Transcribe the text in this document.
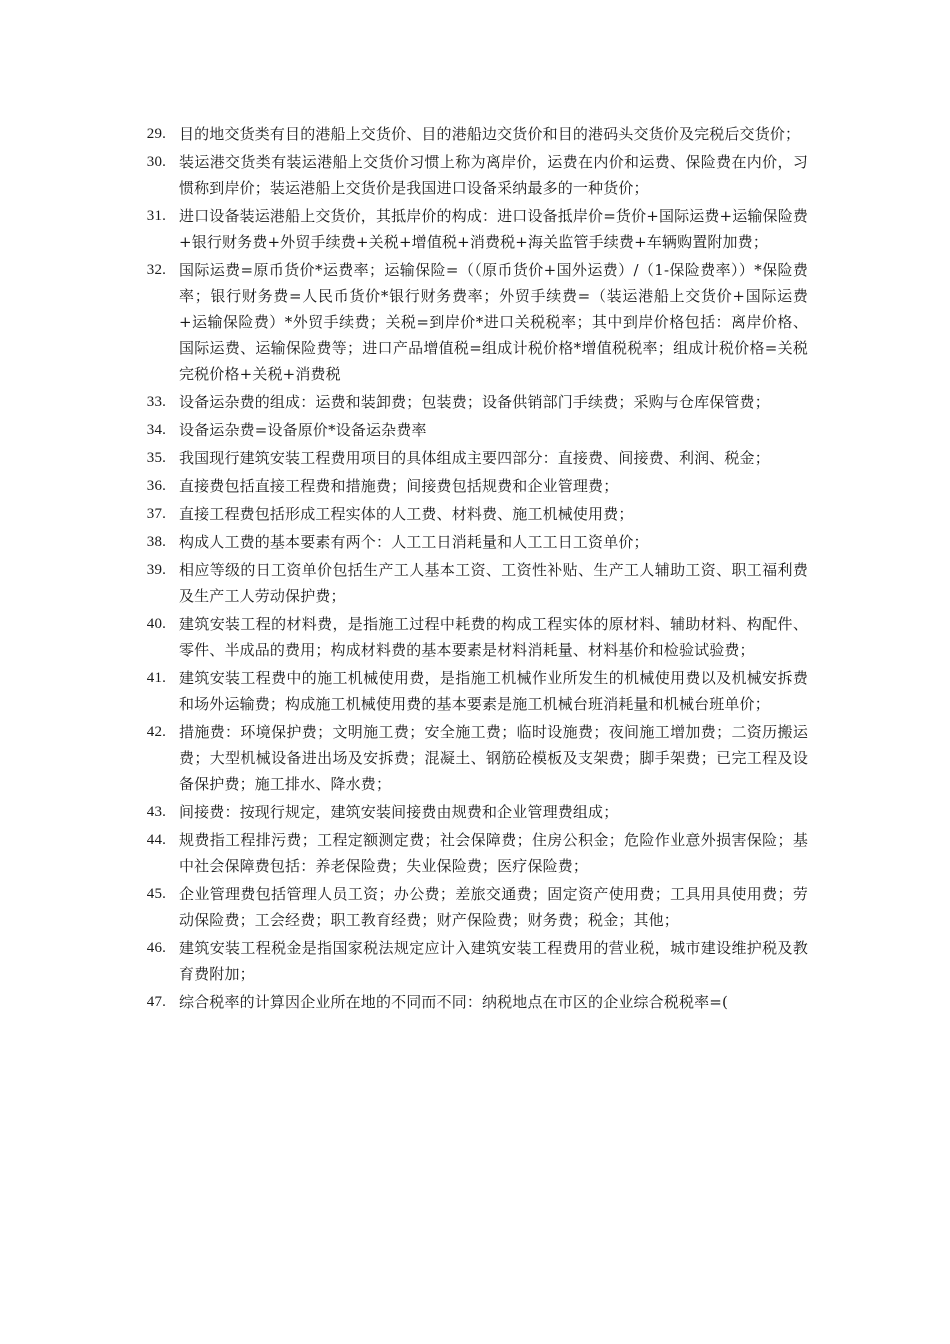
29. 目的地交货类有目的港船上交货价、目的港船边交货价和目的港码头交货价及完税后交货价；
30. 装运港交货类有装运港船上交货价习惯上称为离岸价，运费在内价和运费、保险费在内价，习惯称到岸价；装运港船上交货价是我国进口设备采纳最多的一种货价；
31. 进口设备装运港船上交货价，其抵岸价的构成：进口设备抵岸价=货价+国际运费+运输保险费+银行财务费+外贸手续费+关税+增值税+消费税+海关监管手续费+车辆购置附加费；
32. 国际运费=原币货价*运费率；运输保险=（（原币货价+国外运费）/（1-保险费率））*保险费率；银行财务费=人民币货价*银行财务费率；外贸手续费=（装运港船上交货价+国际运费+运输保险费）*外贸手续费；关税=到岸价*进口关税税率；其中到岸价格包括：离岸价格、国际运费、运输保险费等；进口产品增值税=组成计税价格*增值税税率；组成计税价格=关税完税价格+关税+消费税
33. 设备运杂费的组成：运费和装卸费；包装费；设备供销部门手续费；采购与仓库保管费；
34. 设备运杂费=设备原价*设备运杂费率
35. 我国现行建筑安装工程费用项目的具体组成主要四部分：直接费、间接费、利润、税金；
36. 直接费包括直接工程费和措施费；间接费包括规费和企业管理费；
37. 直接工程费包括形成工程实体的人工费、材料费、施工机械使用费；
38. 构成人工费的基本要素有两个：人工工日消耗量和人工工日工资单价；
39. 相应等级的日工资单价包括生产工人基本工资、工资性补贴、生产工人辅助工资、职工福利费及生产工人劳动保护费；
40. 建筑安装工程的材料费，是指施工过程中耗费的构成工程实体的原材料、辅助材料、构配件、零件、半成品的费用；构成材料费的基本要素是材料消耗量、材料基价和检验试验费；
41. 建筑安装工程费中的施工机械使用费，是指施工机械作业所发生的机械使用费以及机械安拆费和场外运输费；构成施工机械使用费的基本要素是施工机械台班消耗量和机械台班单价；
42. 措施费：环境保护费；文明施工费；安全施工费；临时设施费；夜间施工增加费；二资历搬运费；大型机械设备进出场及安拆费；混凝土、钢筋砼模板及支架费；脚手架费；已完工程及设备保护费；施工排水、降水费；
43. 间接费：按现行规定，建筑安装间接费由规费和企业管理费组成；
44. 规费指工程排污费；工程定额测定费；社会保障费；住房公积金；危险作业意外损害保险；基中社会保障费包括：养老保险费；失业保险费；医疗保险费；
45. 企业管理费包括管理人员工资；办公费；差旅交通费；固定资产使用费；工具用具使用费；劳动保险费；工会经费；职工教育经费；财产保险费；财务费；税金；其他；
46. 建筑安装工程税金是指国家税法规定应计入建筑安装工程费用的营业税，城市建设维护税及教育费附加；
47. 综合税率的计算因企业所在地的不同而不同：纳税地点在市区的企业综合税税率=(
